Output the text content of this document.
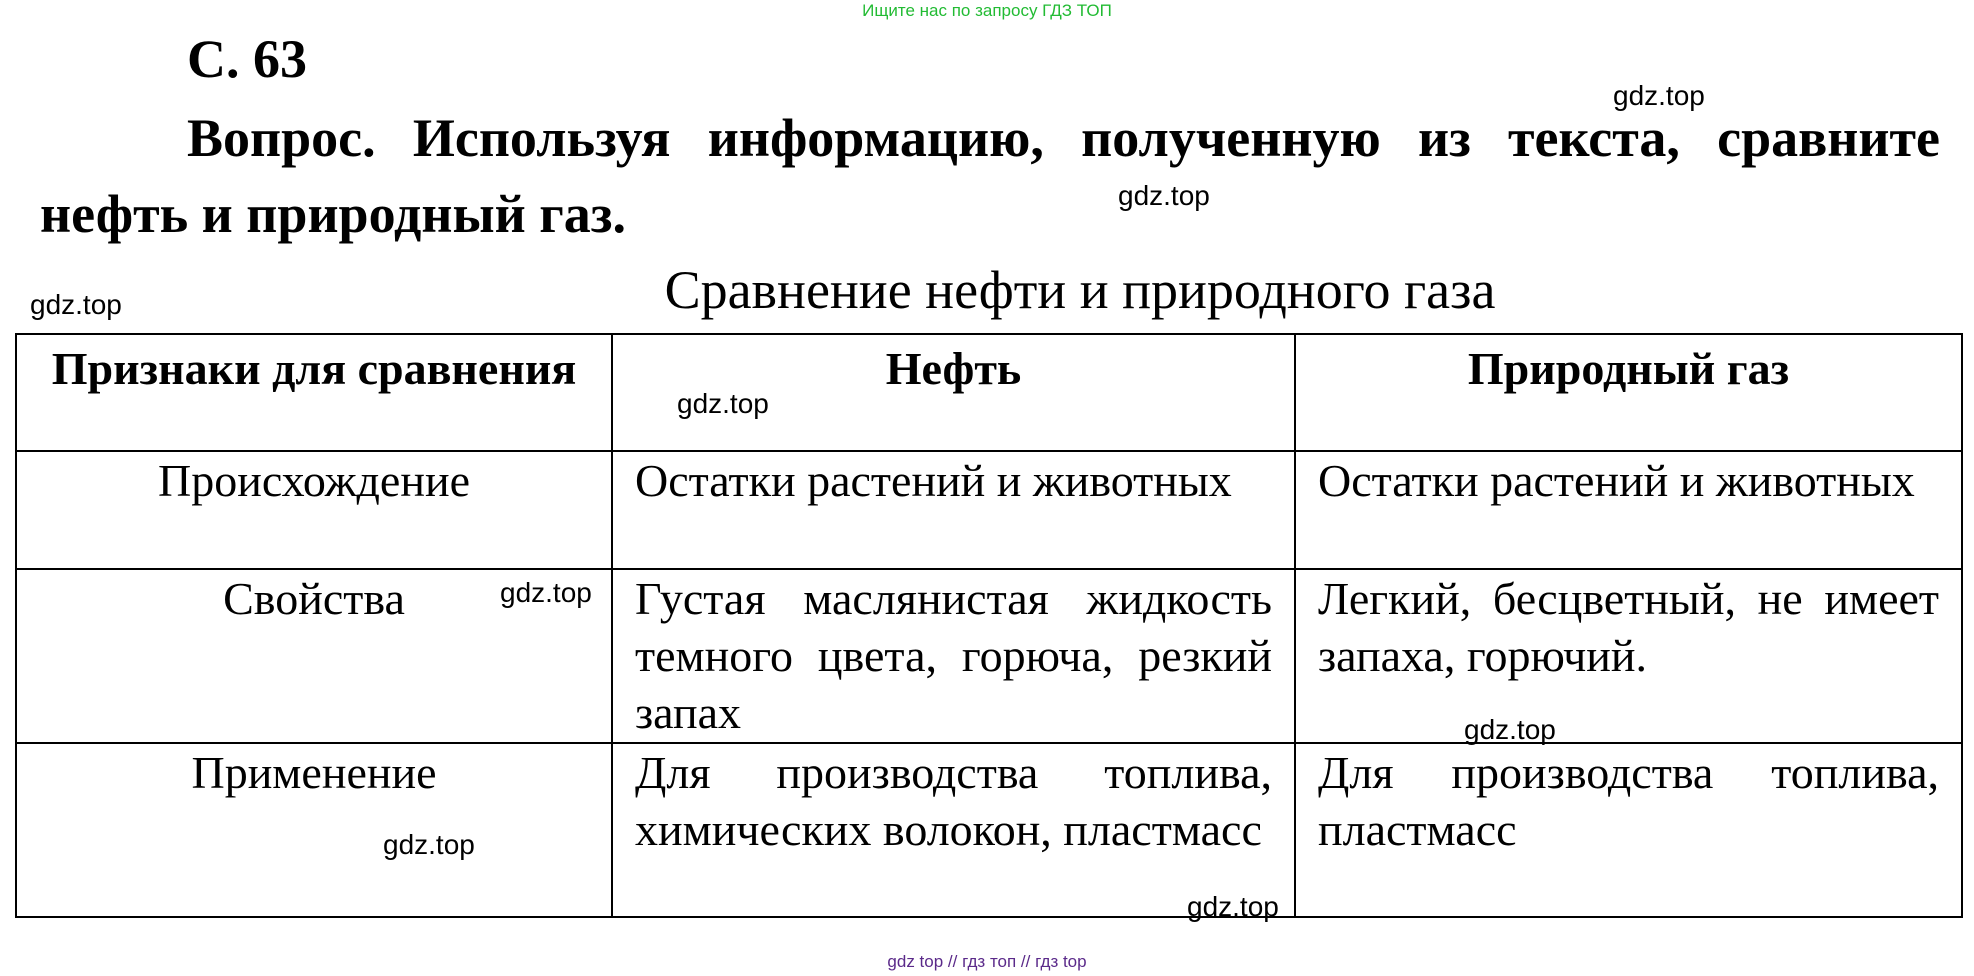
Ищите нас по запросу ГДЗ ТОП
С. 63
Вопрос. Используя информацию, полученную из текста, сравните нефть и природный газ.
Сравнение нефти и природного газа
Признаки для сравнения	Нефть	Природный газ
Происхождение	Остатки растений и животных	Остатки растений и животных
Свойства	Густая маслянистая жидкость темного цвета, горюча, резкий запах	Легкий, бесцветный, не имеет запаха, горючий.
Применение	Для производства топлива, химических волокон, пластмасс	Для производства топлива, пластмасс
gdz.top
gdz.top
gdz.top
gdz.top
gdz.top
gdz.top
gdz.top
gdz.top
gdz top // гдз топ // гдз top
